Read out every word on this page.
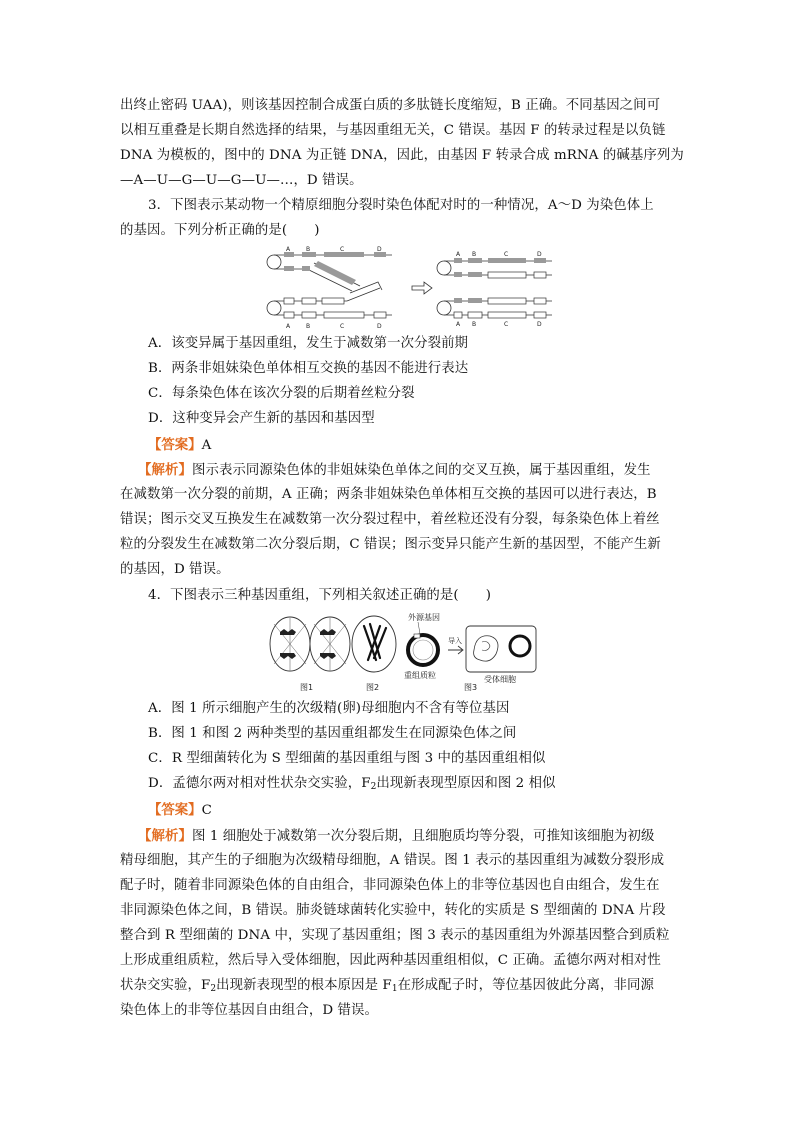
出终止密码 UAA)，则该基因控制合成蛋白质的多肽链长度缩短，B 正确。不同基因之间可
以相互重叠是长期自然选择的结果，与基因重组无关，C 错误。基因 F 的转录过程是以负链
DNA 为模板的，图中的 DNA 为正链 DNA，因此，由基因 F 转录合成 mRNA 的碱基序列为
—A—U—G—U—G—U—…，D 错误。
3．下图表示某动物一个精原细胞分裂时染色体配对时的一种情况，A～D 为染色体上
的基因。下列分析正确的是(　　)
A	B	C	D
A	B	C	D
A B	C	D
A B	C	D
A．该变异属于基因重组，发生于减数第一次分裂前期
B．两条非姐妹染色单体相互交换的基因不能进行表达
C．每条染色体在该次分裂的后期着丝粒分裂
D．这种变异会产生新的基因和基因型
【答案】A
【解析】图示表示同源染色体的非姐妹染色单体之间的交叉互换，属于基因重组，发生
在减数第一次分裂的前期，A 正确；两条非姐妹染色单体相互交换的基因可以进行表达，B
错误；图示交叉互换发生在减数第一次分裂过程中，着丝粒还没有分裂，每条染色体上着丝
粒的分裂发生在减数第二次分裂后期，C 错误；图示变异只能产生新的基因型，不能产生新
的基因，D 错误。
4．下图表示三种基因重组，下列相关叙述正确的是(　　)
外源基因
导入
重组质粒	受体细胞
图1	图2	图3
A．图 1 所示细胞产生的次级精(卵)母细胞内不含有等位基因
B．图 1 和图 2 两种类型的基因重组都发生在同源染色体之间
C．R 型细菌转化为 S 型细菌的基因重组与图 3 中的基因重组相似
D．孟德尔两对相对性状杂交实验，$F_2$出现新表现型原因和图 2 相似
【答案】C
【解析】图 1 细胞处于减数第一次分裂后期，且细胞质均等分裂，可推知该细胞为初级
精母细胞，其产生的子细胞为次级精母细胞，A 错误。图 1 表示的基因重组为减数分裂形成
配子时，随着非同源染色体的自由组合，非同源染色体上的非等位基因也自由组合，发生在
非同源染色体之间，B 错误。肺炎链球菌转化实验中，转化的实质是 S 型细菌的 DNA 片段
整合到 R 型细菌的 DNA 中，实现了基因重组；图 3 表示的基因重组为外源基因整合到质粒
上形成重组质粒，然后导入受体细胞，因此两种基因重组相似，C 正确。孟德尔两对相对性
状杂交实验，$F_2$出现新表现型的根本原因是 $F_1$在形成配子时，等位基因彼此分离，非同源
染色体上的非等位基因自由组合，D 错误。
